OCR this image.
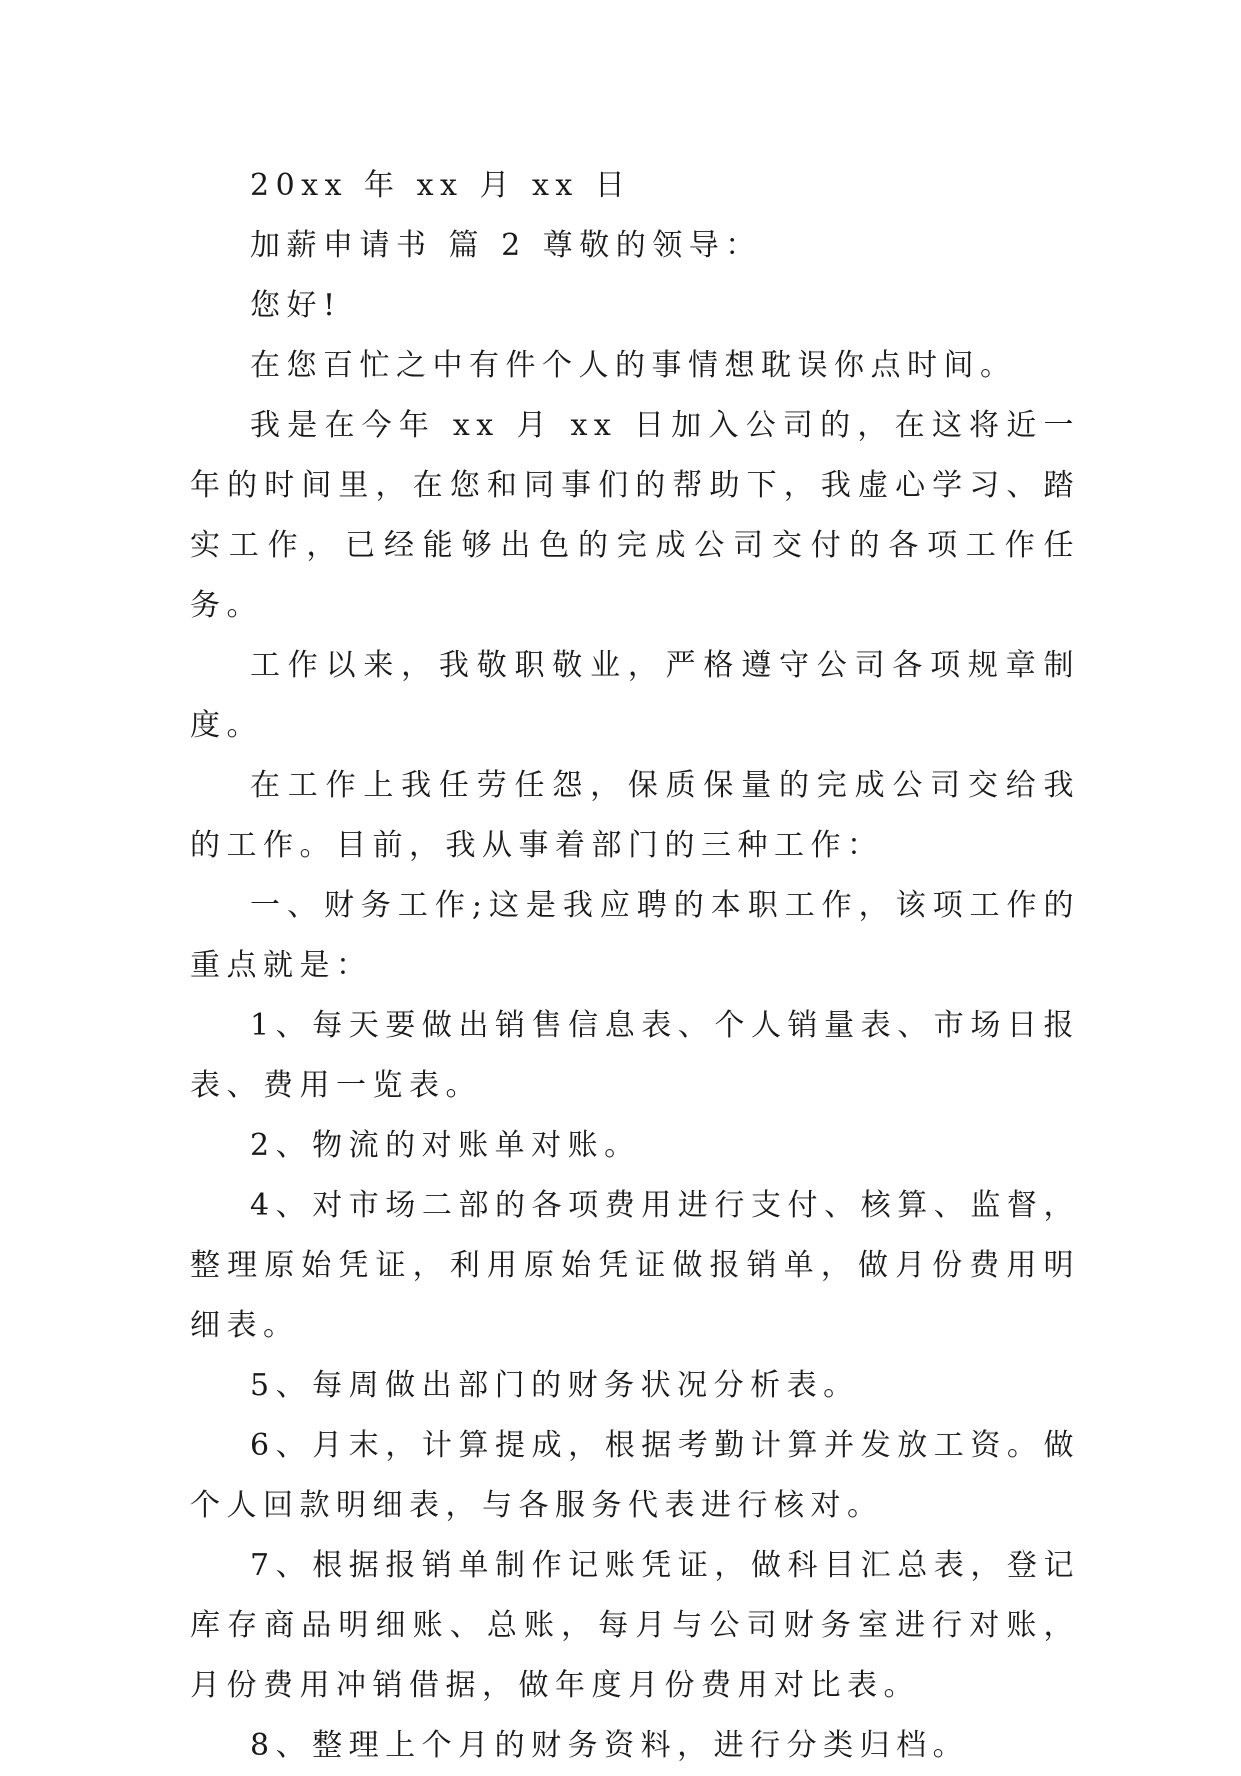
20xx 年 xx 月 xx 日

加薪申请书 篇 2 尊敬的领导：

您好!

在您百忙之中有件个人的事情想耽误你点时间。

我是在今年 xx 月 xx 日加入公司的，在这将近一年的时间里，在您和同事们的帮助下，我虚心学习、踏实工作，已经能够出色的完成公司交付的各项工作任务。

工作以来，我敬职敬业，严格遵守公司各项规章制度。

在工作上我任劳任怨，保质保量的完成公司交给我的工作。目前，我从事着部门的三种工作：

一、财务工作;这是我应聘的本职工作，该项工作的重点就是：

1、每天要做出销售信息表、个人销量表、市场日报表、费用一览表。

2、物流的对账单对账。

4、对市场二部的各项费用进行支付、核算、监督，整理原始凭证，利用原始凭证做报销单，做月份费用明细表。

5、每周做出部门的财务状况分析表。

6、月末，计算提成，根据考勤计算并发放工资。做个人回款明细表，与各服务代表进行核对。

7、根据报销单制作记账凭证，做科目汇总表，登记库存商品明细账、总账，每月与公司财务室进行对账，月份费用冲销借据，做年度月份费用对比表。

8、整理上个月的财务资料，进行分类归档。
